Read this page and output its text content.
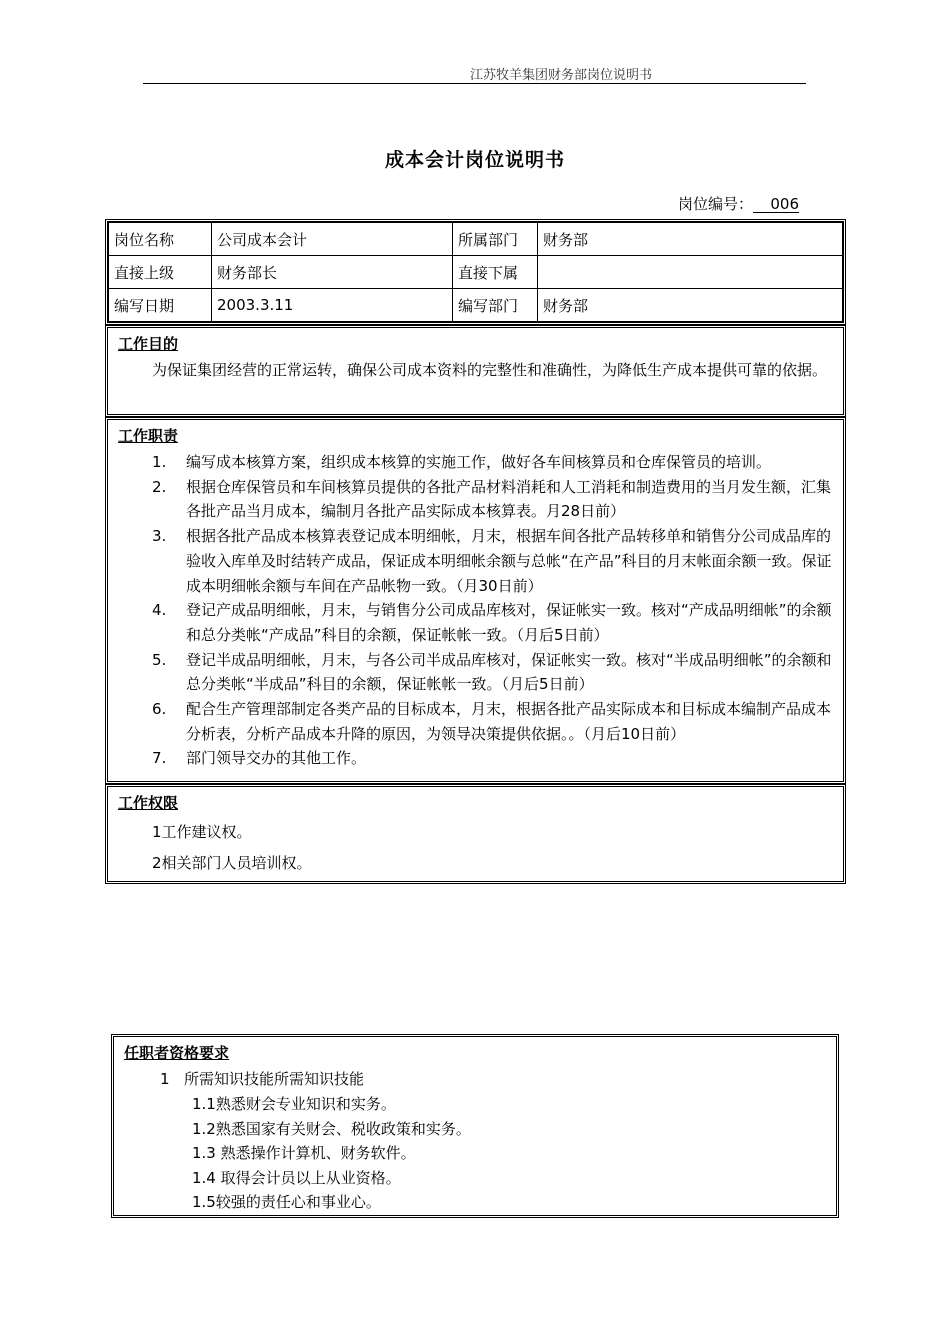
江苏牧羊集团财务部岗位说明书
成本会计岗位说明书
岗位编号： 006
岗位名称	公司成本会计	所属部门	财务部
直接上级	财务部长	直接下属	
编写日期	2003.3.11	编写部门	财务部
工作目的

为保证集团经营的正常运转，确保公司成本资料的完整性和准确性，为降低生产成本提供可靠的依据。

工作职责
1.	编写成本核算方案，组织成本核算的实施工作，做好各车间核算员和仓库保管员的培训。
2.	根据仓库保管员和车间核算员提供的各批产品材料消耗和人工消耗和制造费用的当月发生额，汇集各批产品当月成本，编制月各批产品实际成本核算表。月28日前）
3.	根据各批产品成本核算表登记成本明细帐，月末，根据车间各批产品转移单和销售分公司成品库的验收入库单及时结转产成品，保证成本明细帐余额与总帐“在产品”科目的月末帐面余额一致。保证成本明细帐余额与车间在产品帐物一致。（月30日前）
4.	登记产成品明细帐，月末，与销售分公司成品库核对，保证帐实一致。核对“产成品明细帐”的余额和总分类帐“产成品”科目的余额，保证帐帐一致。（月后5日前）
5.	登记半成品明细帐，月末，与各公司半成品库核对，保证帐实一致。核对“半成品明细帐”的余额和总分类帐“半成品”科目的余额，保证帐帐一致。（月后5日前）
6.	配合生产管理部制定各类产品的目标成本，月末，根据各批产品实际成本和目标成本编制产品成本分析表，分析产品成本升降的原因，为领导决策提供依据。。（月后10日前）
7.	部门领导交办的其他工作。
工作权限
1工作建议权。
2相关部门人员培训权。
任职者资格要求
1 所需知识技能所需知识技能
1.1熟悉财会专业知识和实务。
1.2熟悉国家有关财会、税收政策和实务。
1.3 熟悉操作计算机、财务软件。
1.4 取得会计员以上从业资格。
1.5较强的责任心和事业心。
